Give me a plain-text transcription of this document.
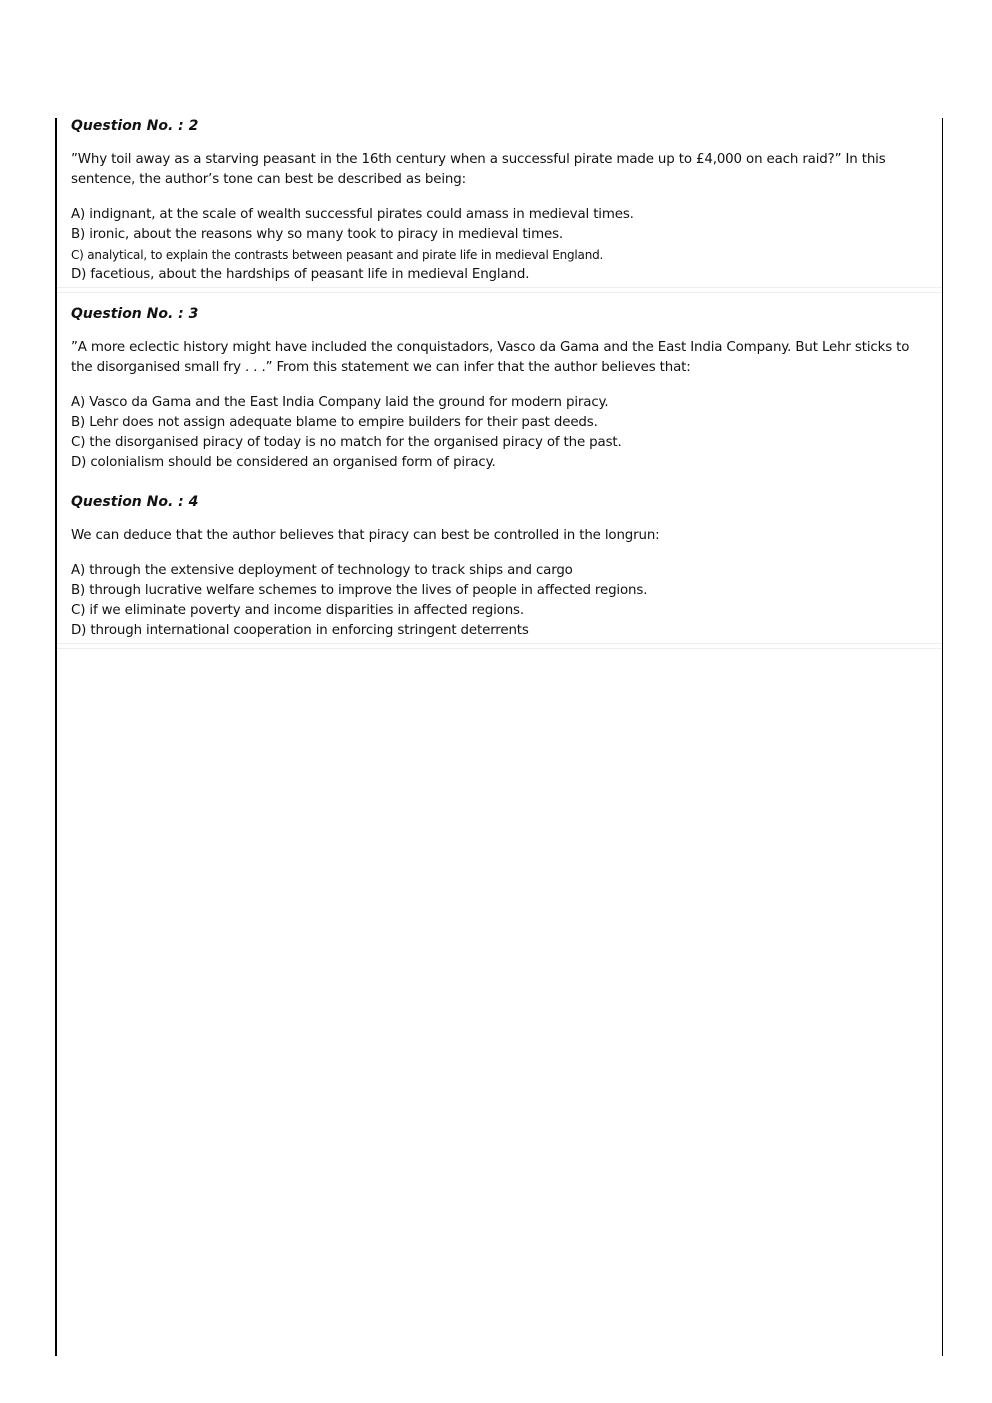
Question No. : 2
”Why toil away as a starving peasant in the 16th century when a successful pirate made up to £4,000 on each raid?” In this sentence, the author’s tone can best be described as being:
A) indignant, at the scale of wealth successful pirates could amass in medieval times.
B) ironic, about the reasons why so many took to piracy in medieval times.
C) analytical, to explain the contrasts between peasant and pirate life in medieval England.
D) facetious, about the hardships of peasant life in medieval England.
Question No. : 3
”A more eclectic history might have included the conquistadors, Vasco da Gama and the East India Company. But Lehr sticks to the disorganised small fry . . .” From this statement we can infer that the author believes that:
A) Vasco da Gama and the East India Company laid the ground for modern piracy.
B) Lehr does not assign adequate blame to empire builders for their past deeds.
C) the disorganised piracy of today is no match for the organised piracy of the past.
D) colonialism should be considered an organised form of piracy.
Question No. : 4
We can deduce that the author believes that piracy can best be controlled in the longrun:
A) through the extensive deployment of technology to track ships and cargo
B) through lucrative welfare schemes to improve the lives of people in affected regions.
C) if we eliminate poverty and income disparities in affected regions.
D) through international cooperation in enforcing stringent deterrents
